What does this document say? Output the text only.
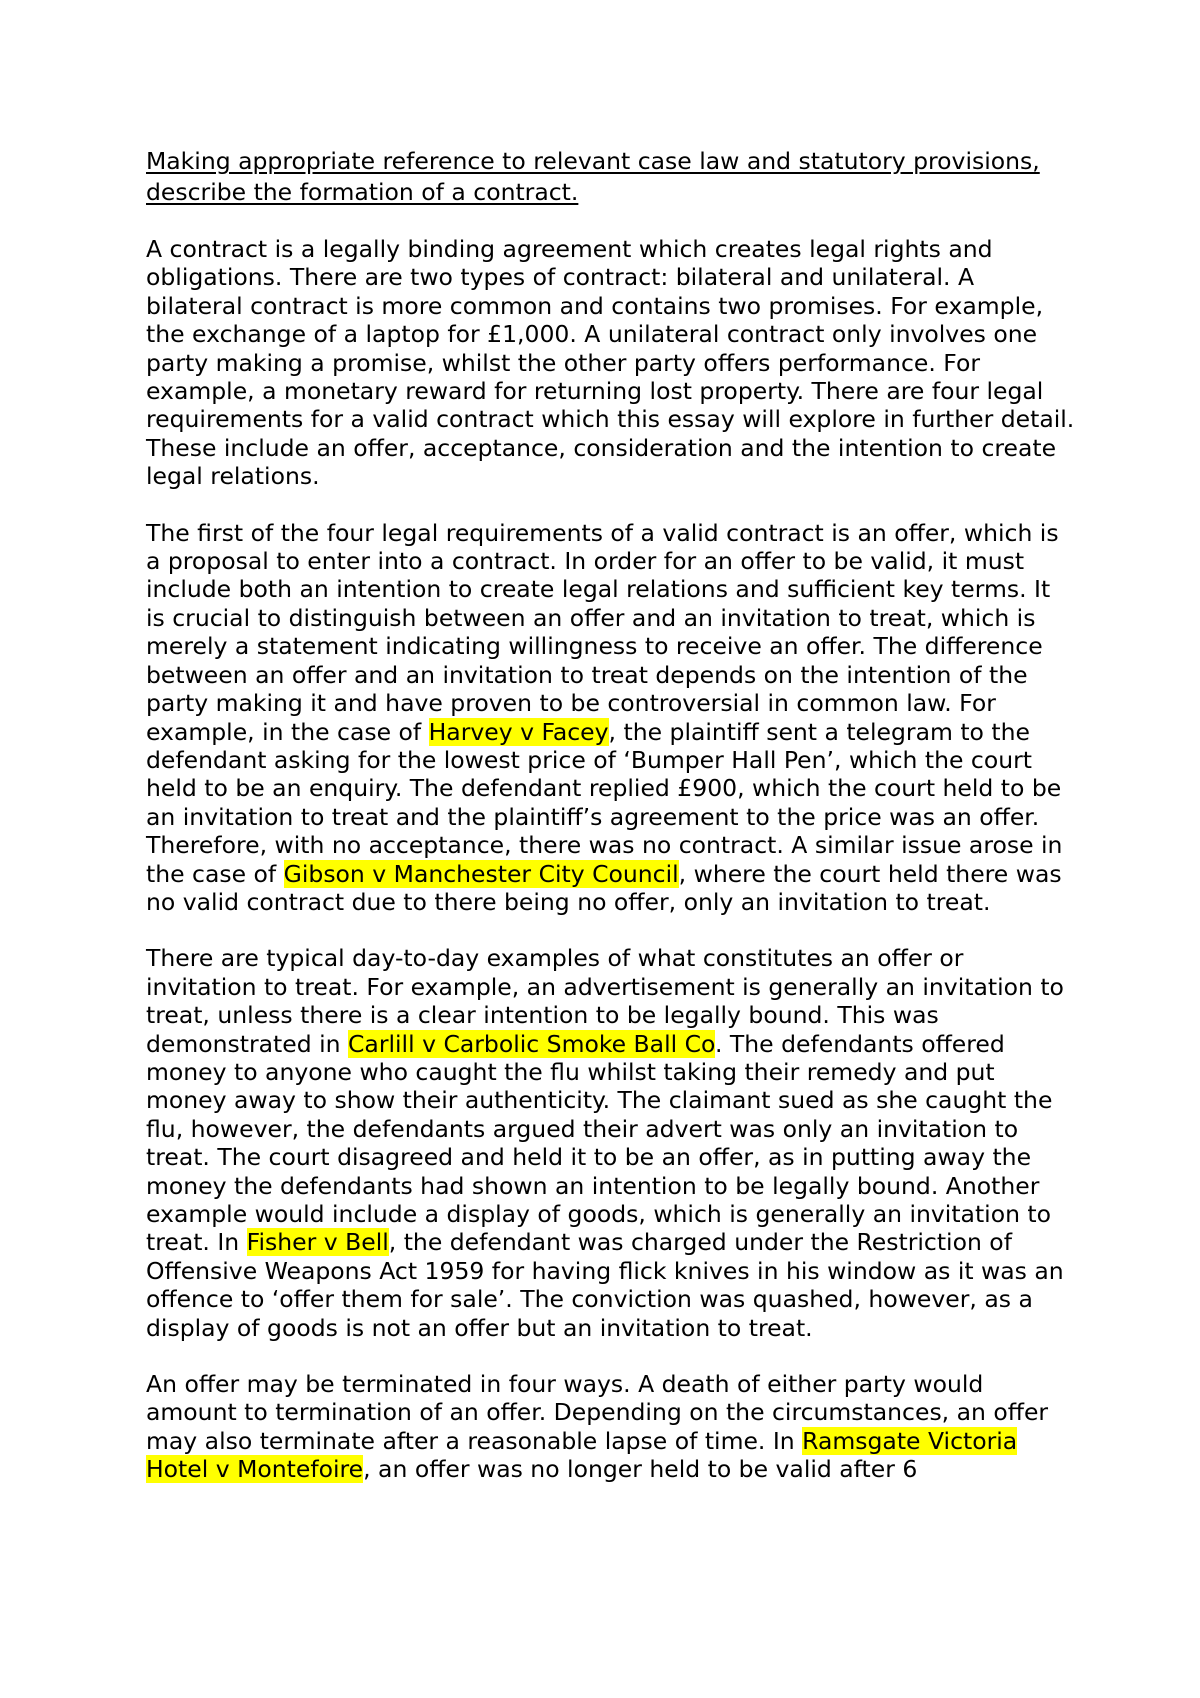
Making appropriate reference to relevant case law and statutory provisions, describe the formation of a contract.

A contract is a legally binding agreement which creates legal rights and obligations. There are two types of contract: bilateral and unilateral. A bilateral contract is more common and contains two promises. For example, the exchange of a laptop for £1,000. A unilateral contract only involves one party making a promise, whilst the other party offers performance. For example, a monetary reward for returning lost property. There are four legal requirements for a valid contract which this essay will explore in further detail. These include an offer, acceptance, consideration and the intention to create legal relations.

The first of the four legal requirements of a valid contract is an offer, which is a proposal to enter into a contract. In order for an offer to be valid, it must include both an intention to create legal relations and sufficient key terms. It is crucial to distinguish between an offer and an invitation to treat, which is merely a statement indicating willingness to receive an offer. The difference between an offer and an invitation to treat depends on the intention of the party making it and have proven to be controversial in common law. For example, in the case of Harvey v Facey, the plaintiff sent a telegram to the defendant asking for the lowest price of ‘Bumper Hall Pen’, which the court held to be an enquiry. The defendant replied £900, which the court held to be an invitation to treat and the plaintiff’s agreement to the price was an offer. Therefore, with no acceptance, there was no contract. A similar issue arose in the case of Gibson v Manchester City Council, where the court held there was no valid contract due to there being no offer, only an invitation to treat.

There are typical day-to-day examples of what constitutes an offer or invitation to treat. For example, an advertisement is generally an invitation to treat, unless there is a clear intention to be legally bound. This was demonstrated in Carlill v Carbolic Smoke Ball Co. The defendants offered money to anyone who caught the flu whilst taking their remedy and put money away to show their authenticity. The claimant sued as she caught the flu, however, the defendants argued their advert was only an invitation to treat. The court disagreed and held it to be an offer, as in putting away the money the defendants had shown an intention to be legally bound. Another example would include a display of goods, which is generally an invitation to treat. In Fisher v Bell, the defendant was charged under the Restriction of Offensive Weapons Act 1959 for having flick knives in his window as it was an offence to ‘offer them for sale’. The conviction was quashed, however, as a display of goods is not an offer but an invitation to treat.

An offer may be terminated in four ways. A death of either party would amount to termination of an offer. Depending on the circumstances, an offer may also terminate after a reasonable lapse of time. In Ramsgate Victoria Hotel v Montefoire, an offer was no longer held to be valid after 6
